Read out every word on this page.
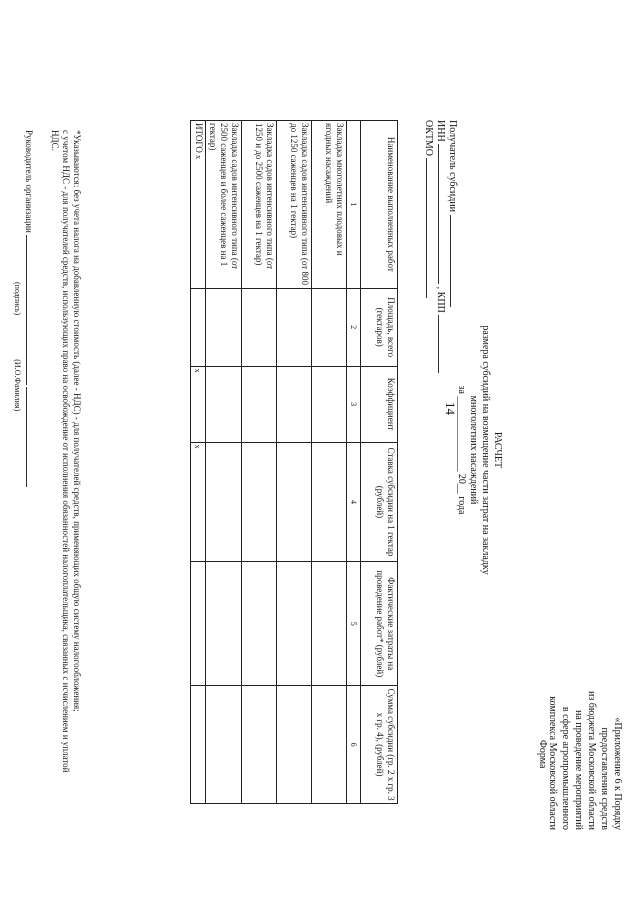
14
«Приложение 6 к Порядку
предоставления средств
из бюджета Московской области
на проведение мероприятий
в сфере агропромышленного
комплекса Московской области
Форма
РАСЧЕТ
размера субсидий на возмещение части затрат на закладку
многолетних насаждений
за _______________ 20__ года
Получатель субсидии
ИНН  , КПП
ОКТМО
Наименование выполненных работ	Площадь, всего (гектаров)	Коэффициент	Ставка субсидии на 1 гектар (рублей)	Фактические затраты на проведение работ* (рублей)	Сумма субсидии (гр. 2 x гр. 3 x гр. 4), (рублей)
1	2	3	4	5	6
Закладка многолетних плодовых и ягодных насаждений					
Закладка садов интенсивного типа (от 800 до 1250 саженцев на 1 гектар)					
Закладка садов интенсивного типа (от 1250 и до 2500 саженцев на 1 гектар)					
Закладка садов интенсивного типа (от 2500 саженцев и более саженцев на 1 гектар)					
ИТОГО x		x	x		
*Указываются: без учета налога на добавленную стоимость (далее - НДС) - для получателей средств, применяющих общую систему налогообложения;
с учетом НДС - для получателей средств, использующих право на освобождение от исполнения обязанностей налогоплательщика, связанных с исчислением и уплатой
НДС.
Руководитель организации
(подпись)  (И.О.Фамилия)
